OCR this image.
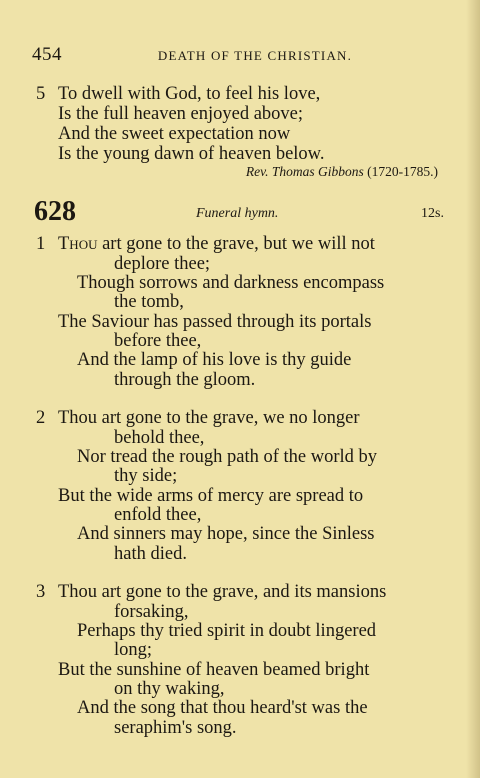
454	DEATH OF THE CHRISTIAN.
5 To dwell with God, to feel his love,
Is the full heaven enjoyed above;
And the sweet expectation now
Is the young dawn of heaven below.
Rev. Thomas Gibbons (1720-1785.)
628	Funeral hymn.	12s.
1 Thou art gone to the grave, but we will not
deplore thee;
Though sorrows and darkness encompass
the tomb,
The Saviour has passed through its portals
before thee,
And the lamp of his love is thy guide
through the gloom.
2 Thou art gone to the grave, we no longer
behold thee,
Nor tread the rough path of the world by
thy side;
But the wide arms of mercy are spread to
enfold thee,
And sinners may hope, since the Sinless
hath died.
3 Thou art gone to the grave, and its mansions
forsaking,
Perhaps thy tried spirit in doubt lingered
long;
But the sunshine of heaven beamed bright
on thy waking,
And the song that thou heard'st was the
seraphim's song.
